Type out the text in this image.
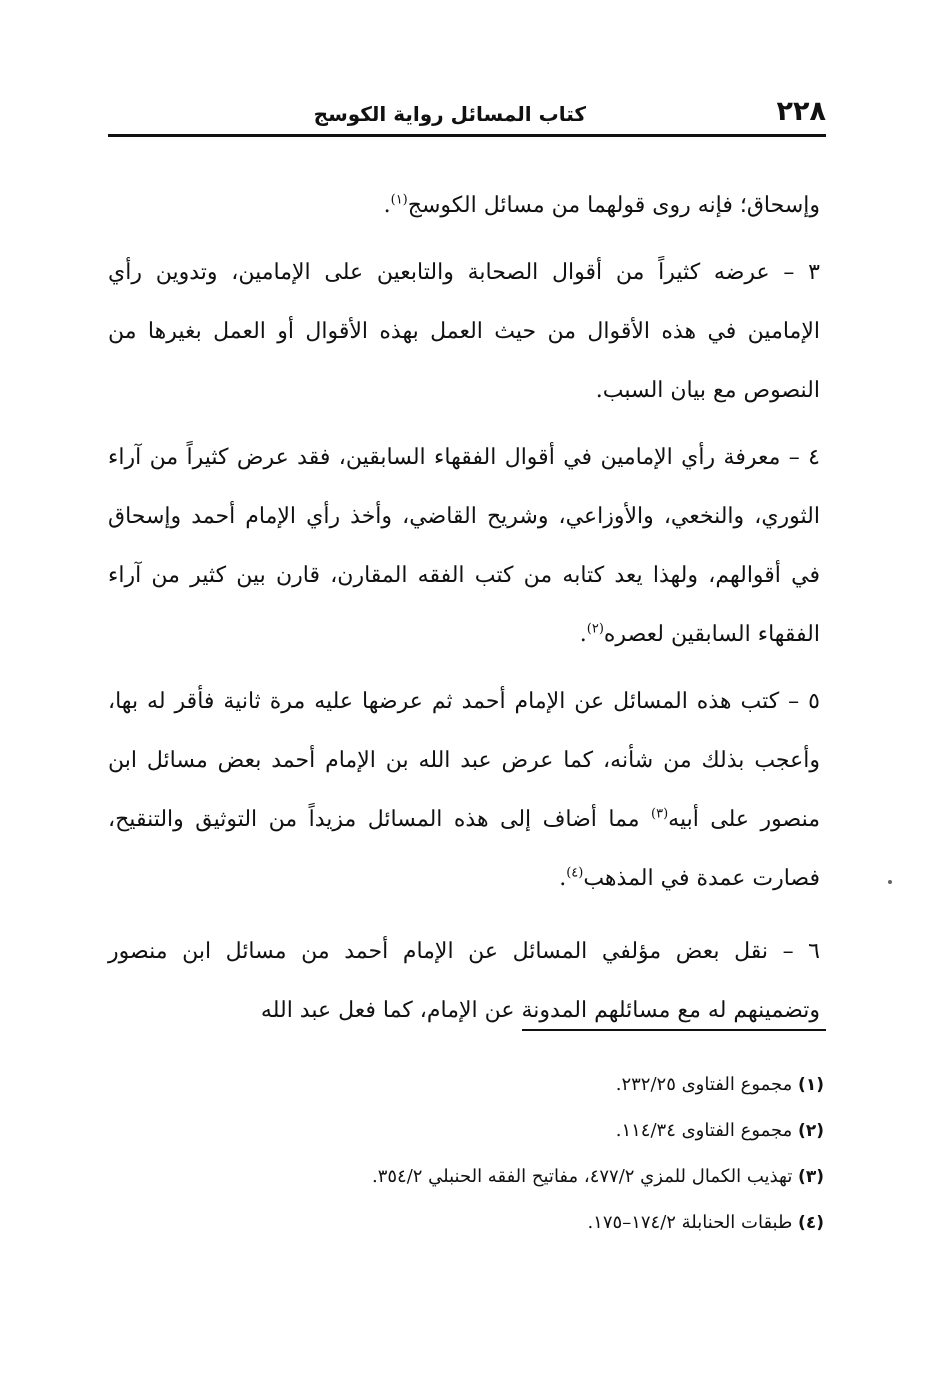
٢٢٨
كتاب المسائل رواية الكوسج

وإسحاق؛ فإنه روى قولهما من مسائل الكوسج$^{(١)}$.

٣ – عرضه كثيراً من أقوال الصحابة والتابعين على الإمامين، وتدوين رأي الإمامين في هذه الأقوال من حيث العمل بهذه الأقوال أو العمل بغيرها من النصوص مع بيان السبب.

٤ – معرفة رأي الإمامين في أقوال الفقهاء السابقين، فقد عرض كثيراً من آراء الثوري، والنخعي، والأوزاعي، وشريح القاضي، وأخذ رأي الإمام أحمد وإسحاق في أقوالهم، ولهذا يعد كتابه من كتب الفقه المقارن، قارن بين كثير من آراء الفقهاء السابقين لعصره$^{(٢)}$.

٥ – كتب هذه المسائل عن الإمام أحمد ثم عرضها عليه مرة ثانية فأقر له بها، وأعجب بذلك من شأنه، كما عرض عبد الله بن الإمام أحمد بعض مسائل ابن منصور على أبيه$^{(٣)}$ مما أضاف إلى هذه المسائل مزيداً من التوثيق والتنقيح، فصارت عمدة في المذهب$^{(٤)}$.

٦ – نقل بعض مؤلفي المسائل عن الإمام أحمد من مسائل ابن منصور وتضمينهم له مع مسائلهم المدونة عن الإمام، كما فعل عبد الله

(١) مجموع الفتاوى ٢٣٢/٢٥.

(٢) مجموع الفتاوى ١١٤/٣٤.

(٣) تهذيب الكمال للمزي ٤٧٧/٢، مفاتيح الفقه الحنبلي ٣٥٤/٢.

(٤) طبقات الحنابلة ١٧٤/٢–١٧٥.
